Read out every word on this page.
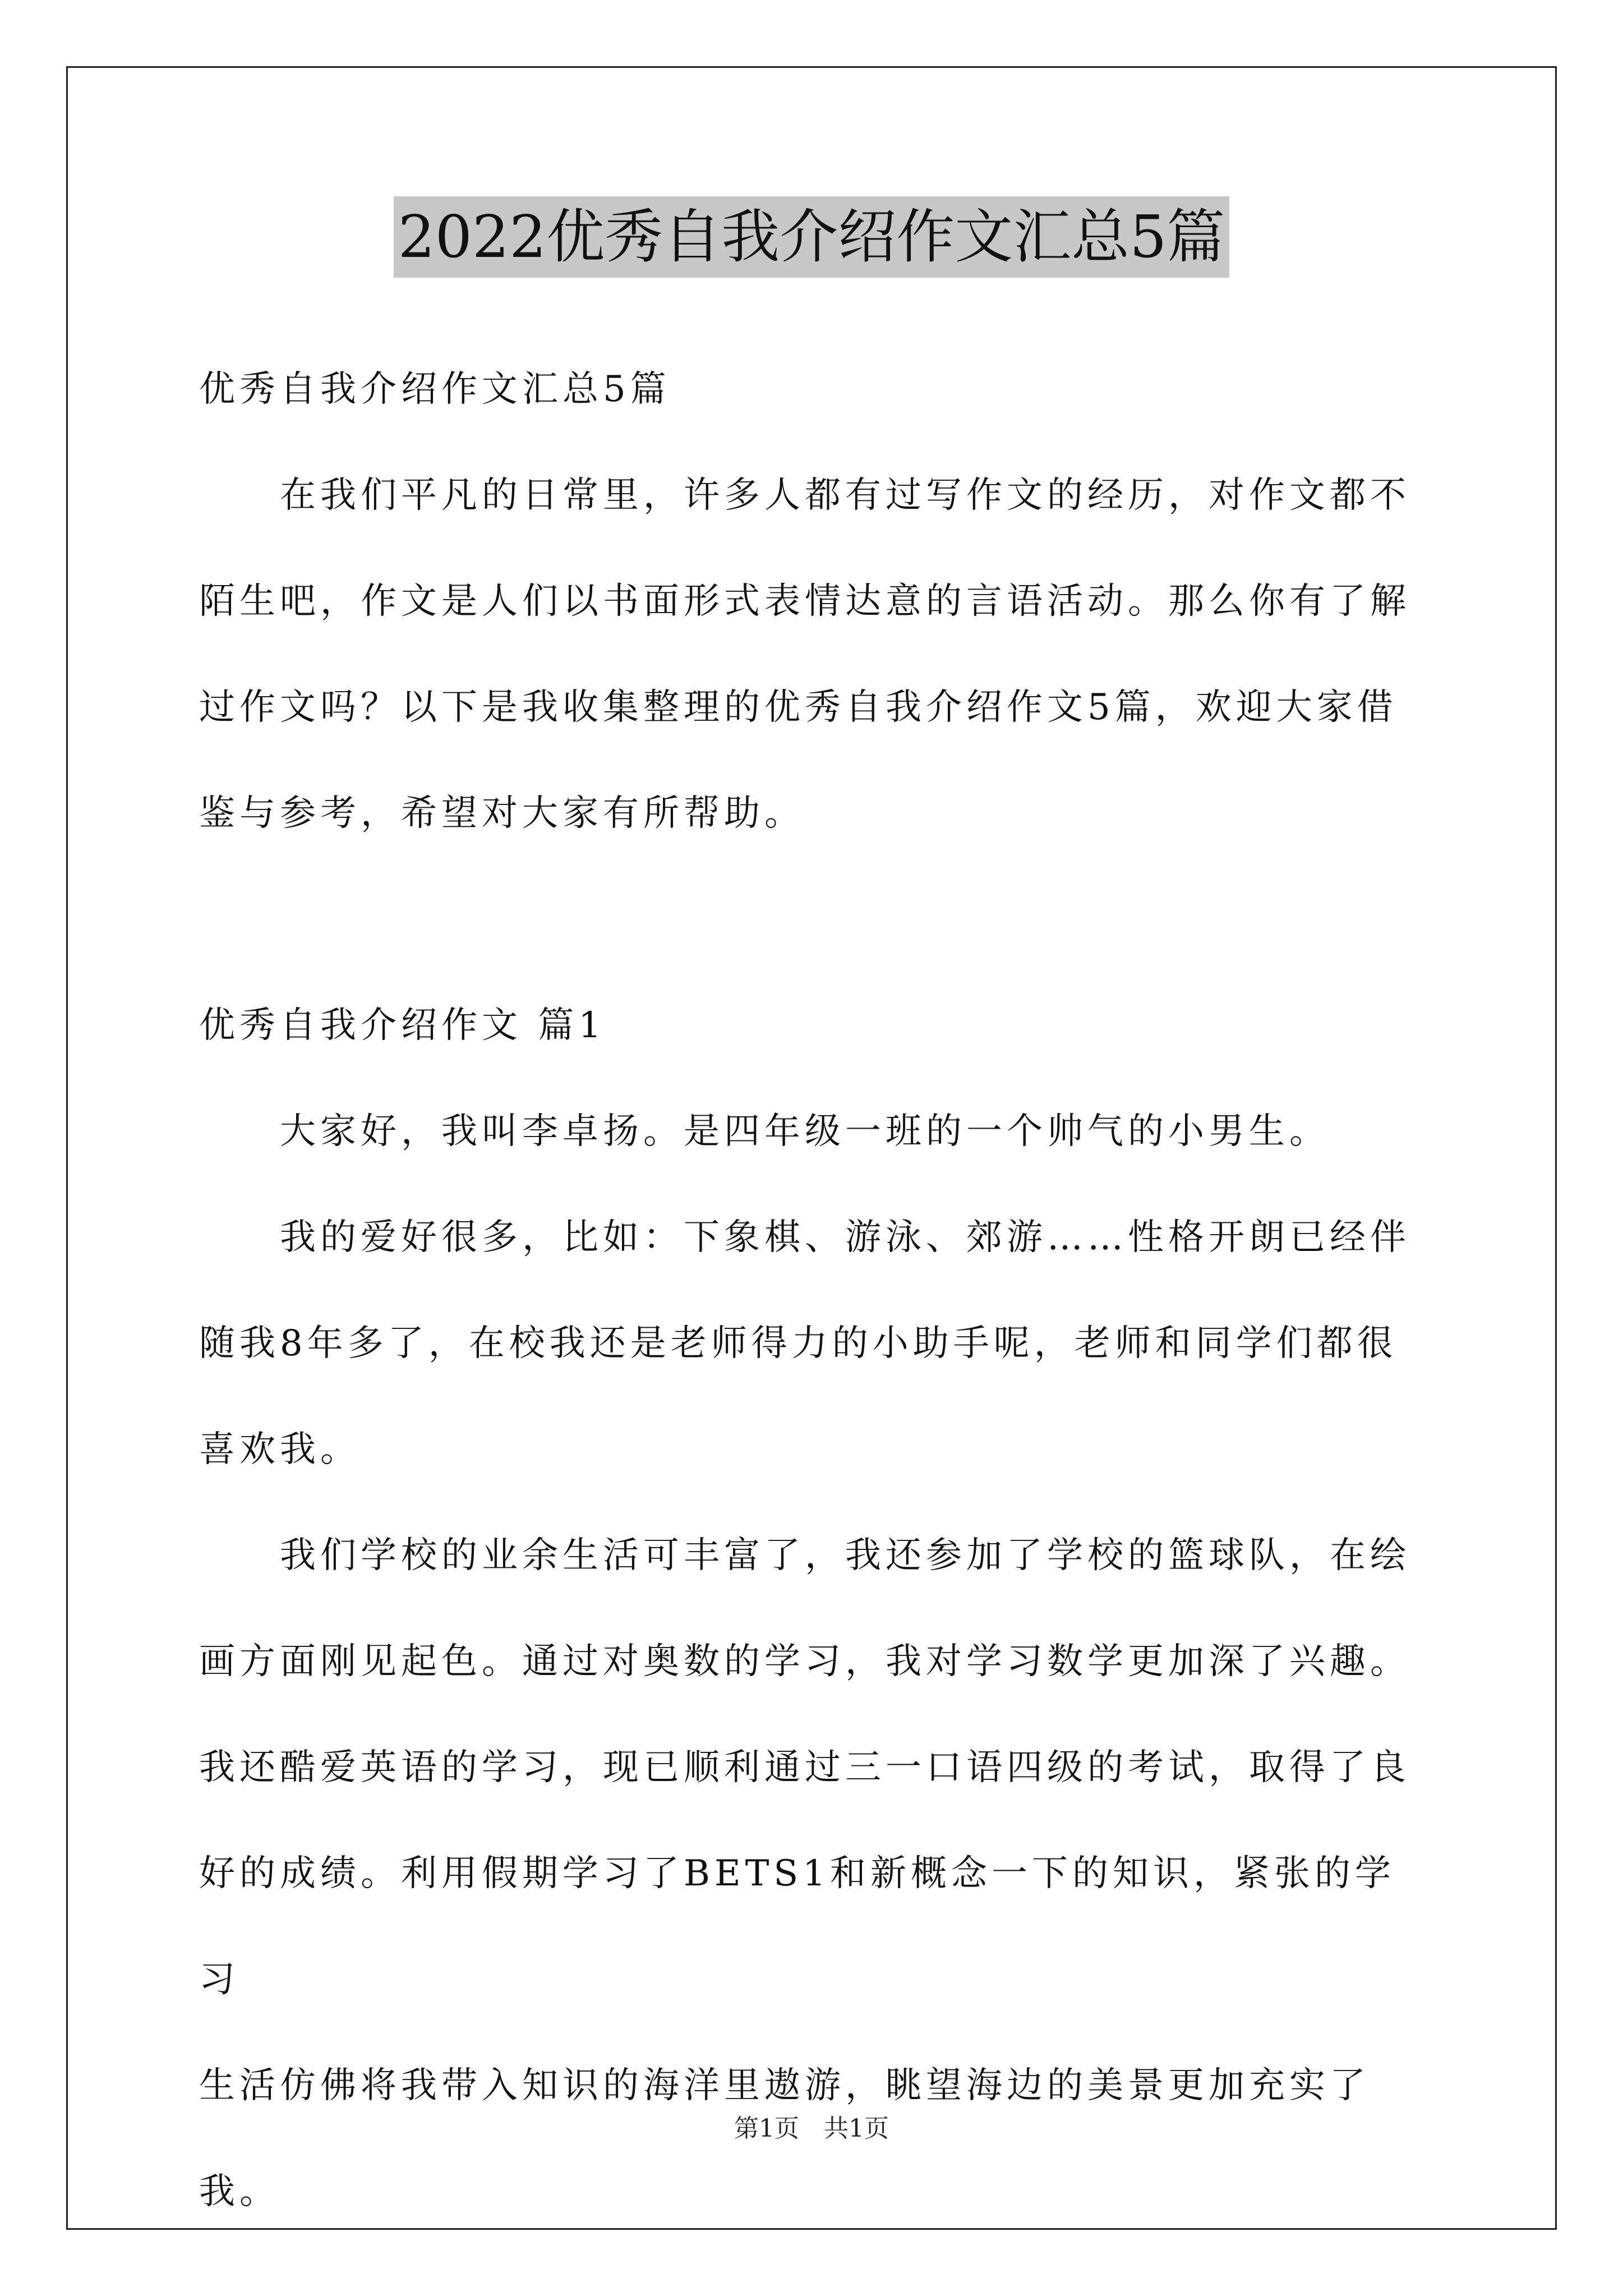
2022优秀自我介绍作文汇总5篇

优秀自我介绍作文汇总5篇

在我们平凡的日常里，许多人都有过写作文的经历，对作文都不

陌生吧，作文是人们以书面形式表情达意的言语活动。那么你有了解

过作文吗？以下是我收集整理的优秀自我介绍作文5篇，欢迎大家借

鉴与参考，希望对大家有所帮助。

优秀自我介绍作文 篇1

大家好，我叫李卓扬。是四年级一班的一个帅气的小男生。

我的爱好很多，比如：下象棋、游泳、郊游……性格开朗已经伴

随我8年多了，在校我还是老师得力的小助手呢，老师和同学们都很

喜欢我。

我们学校的业余生活可丰富了，我还参加了学校的篮球队，在绘

画方面刚见起色。通过对奥数的学习，我对学习数学更加深了兴趣。

我还酷爱英语的学习，现已顺利通过三一口语四级的考试，取得了良

好的成绩。利用假期学习了BETS1和新概念一下的知识，紧张的学习

生活仿佛将我带入知识的海洋里遨游，眺望海边的美景更加充实了我。

第1页　共1页
